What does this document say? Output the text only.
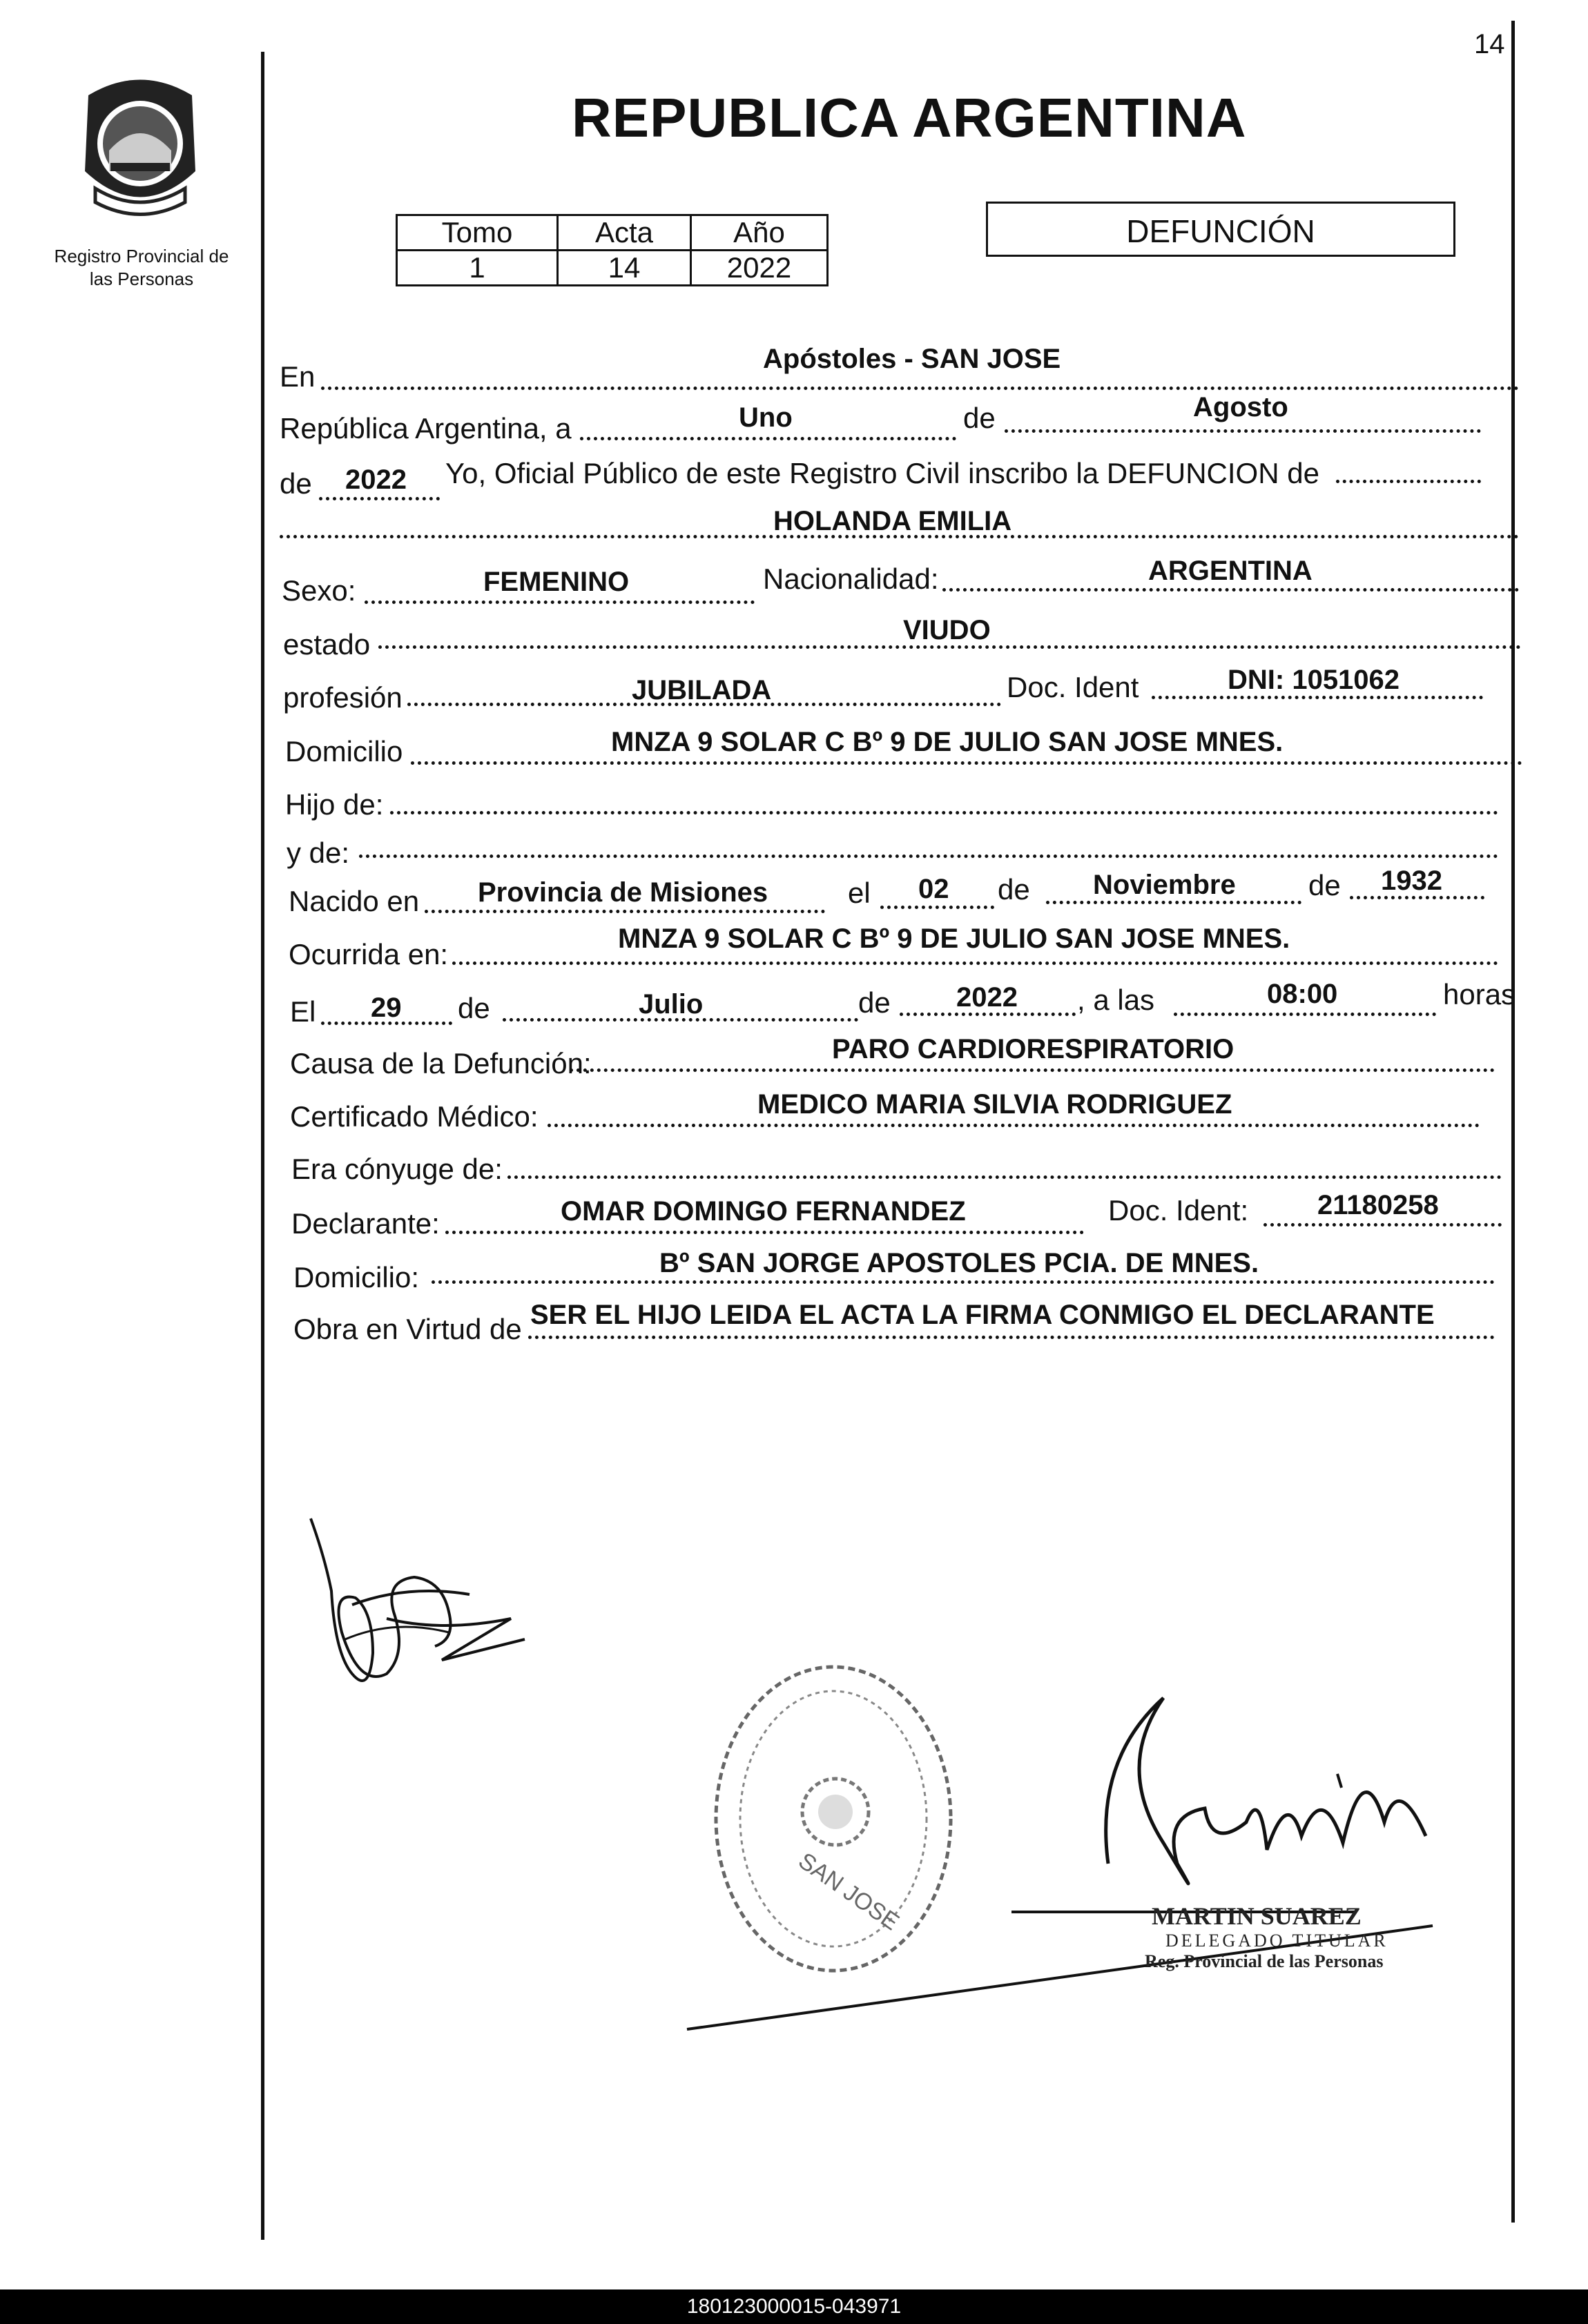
14
Registro Provincial de
las Personas
REPUBLICA ARGENTINA
Tomo	Acta	Año
1	14	2022
DEFUNCIÓN
En
Apóstoles - SAN JOSE
República Argentina, a	Uno	de	Agosto
de 2022 Yo, Oficial Público de este Registro Civil inscribo la DEFUNCION de
HOLANDA EMILIA
Sexo:	FEMENINO	Nacionalidad:	ARGENTINA
estado	VIUDO
profesión	JUBILADA	Doc. Ident	DNI: 1051062
Domicilio	MNZA 9 SOLAR C Bº 9 DE JULIO SAN JOSE MNES.
Hijo de:
y de:
Nacido en Provincia de Misiones	el 02 de Noviembre	de 1932
Ocurrida en:	MNZA 9 SOLAR C Bº 9 DE JULIO SAN JOSE MNES.
El 29 de	Julio	de 2022 , a las	08:00	horas
Causa de la Defunción:	PARO CARDIORESPIRATORIO
Certificado Médico:	MEDICO MARIA SILVIA RODRIGUEZ
Era cónyuge de:
Declarante:	OMAR DOMINGO FERNANDEZ	Doc. Ident: 21180258
Domicilio:	Bº SAN JORGE APOSTOLES PCIA. DE MNES.
Obra en Virtud de SER EL HIJO LEIDA EL ACTA LA FIRMA CONMIGO EL DECLARANTE
SAN JOSE	MARTIN SUAREZ
DELEGADO TITULAR
Reg. Provincial de las Personas
180123000015-043971
